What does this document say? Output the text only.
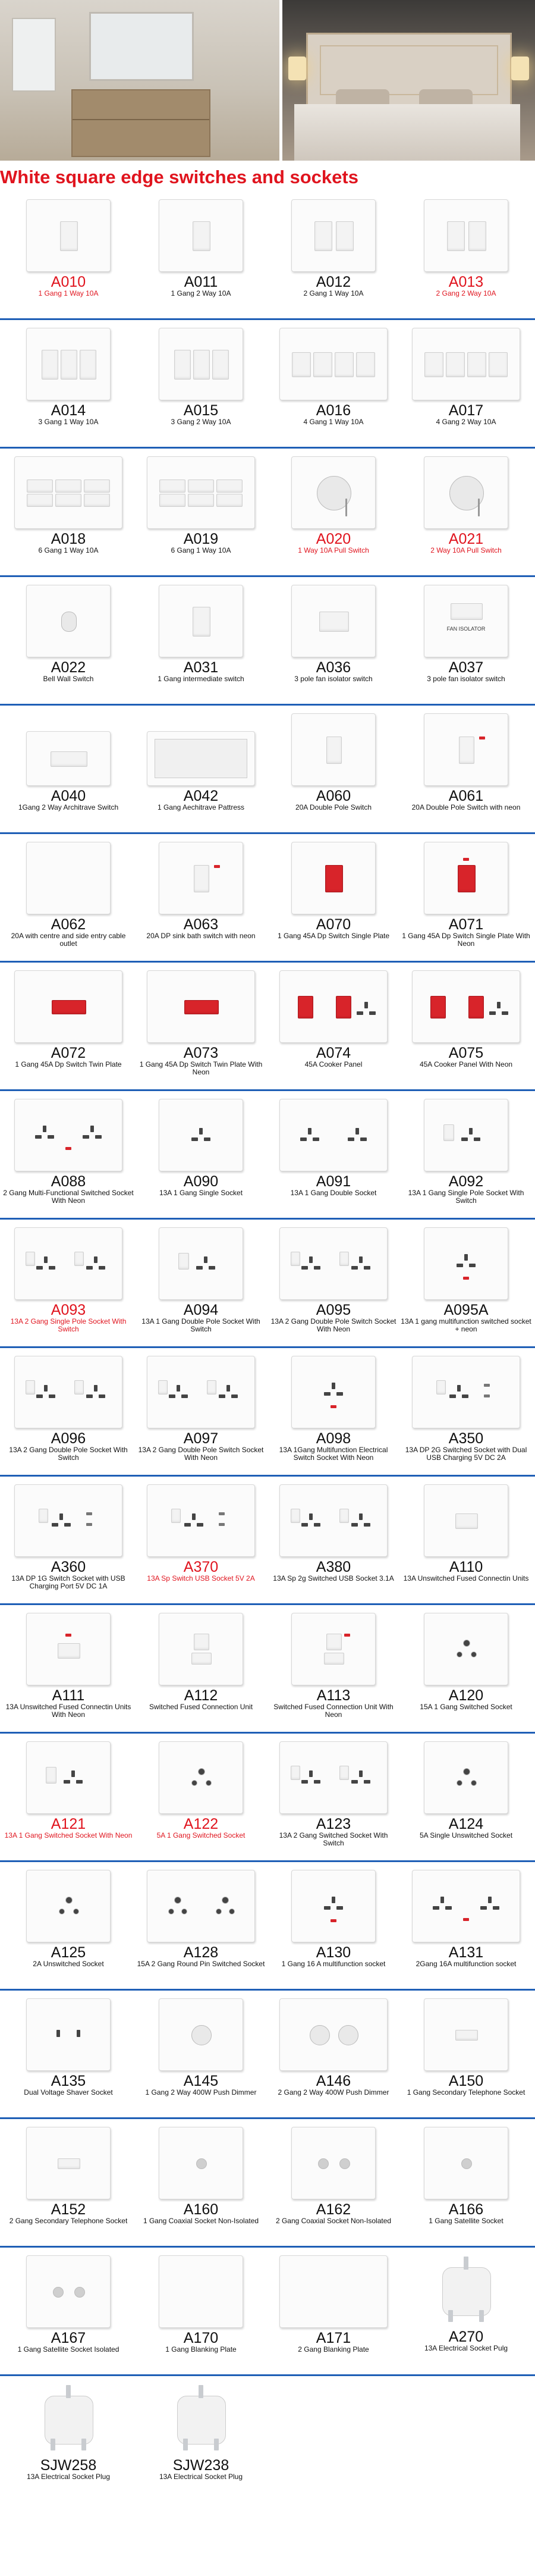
White square edge switches and sockets
A010
1 Gang 1 Way 10A
A011
1 Gang 2 Way 10A
A012
2 Gang 1 Way 10A
A013
2 Gang 2 Way 10A
A014
3 Gang 1 Way 10A
A015
3 Gang 2 Way 10A
A016
4 Gang 1 Way 10A
A017
4 Gang 2 Way 10A
A018
6 Gang 1 Way 10A
A019
6 Gang 1 Way 10A
A020
1 Way 10A Pull Switch
A021
2 Way 10A Pull Switch
A022
Bell Wall Switch
A031
1 Gang intermediate switch
A036
3 pole fan isolator switch
FAN ISOLATOR
A037
3 pole fan isolator switch
A040
1Gang 2 Way Architrave Switch
A042
1 Gang Aechitrave Pattress
A060
20A Double Pole Switch
A061
20A Double Pole Switch with neon
A062
20A with centre and side entry cable outlet
A063
20A DP sink bath switch with neon
A070
1 Gang 45A Dp Switch Single Plate
A071
1 Gang 45A Dp Switch Single Plate With Neon
A072
1 Gang 45A Dp Switch Twin Plate
A073
1 Gang 45A Dp Switch Twin Plate With Neon
A074
45A Cooker Panel
A075
45A Cooker Panel With Neon
A088
2 Gang Multi-Functional Switched Socket With Neon
A090
13A 1 Gang Single Socket
A091
13A 1 Gang Double Socket
A092
13A 1 Gang Single Pole Socket With Switch
A093
13A 2 Gang Single Pole Socket With Switch
A094
13A 1 Gang Double Pole Socket With Switch
A095
13A 2 Gang Double Pole Switch Socket With Neon
A095A
13A 1 gang multifunction switched socket + neon
A096
13A 2 Gang Double Pole Socket With Switch
A097
13A 2 Gang Double Pole Switch Socket With Neon
A098
13A 1Gang Multifunction Electrical Switch Socket With Neon
A350
13A DP 2G Switched Socket with Dual USB Charging 5V DC 2A
A360
13A DP 1G Switch Socket with USB Charging Port 5V DC 1A
A370
13A Sp Switch USB Socket 5V 2A
A380
13A Sp 2g Switched USB Socket 3.1A
A110
13A Unswitched Fused Connectin Units
A111
13A Unswitched Fused Connectin Units With Neon
A112
Switched Fused Connection Unit
A113
Switched Fused Connection Unit With Neon
A120
15A 1 Gang Switched Socket
A121
13A 1 Gang Switched Socket With Neon
A122
5A 1 Gang Switched Socket
A123
13A 2 Gang Switched Socket With Switch
A124
5A Single Unswitched Socket
A125
2A Unswitched Socket
A128
15A 2 Gang Round Pin Switched Socket
A130
1 Gang 16 A multifunction socket
A131
2Gang 16A multifunction socket
A135
Dual Voltage Shaver Socket
A145
1 Gang 2 Way 400W Push Dimmer
A146
2 Gang 2 Way 400W Push Dimmer
A150
1 Gang Secondary Telephone Socket
A152
2 Gang Secondary Telephone Socket
A160
1 Gang Coaxial Socket Non-Isolated
A162
2 Gang Coaxial Socket Non-Isolated
A166
1 Gang Satellite Socket
A167
1 Gang Satellite Socket Isolated
A170
1 Gang Blanking Plate
A171
2 Gang Blanking Plate
A270
13A Electrical Socket Pulg
SJW258
13A Electrical Socket Plug
SJW238
13A Electrical Socket Plug
